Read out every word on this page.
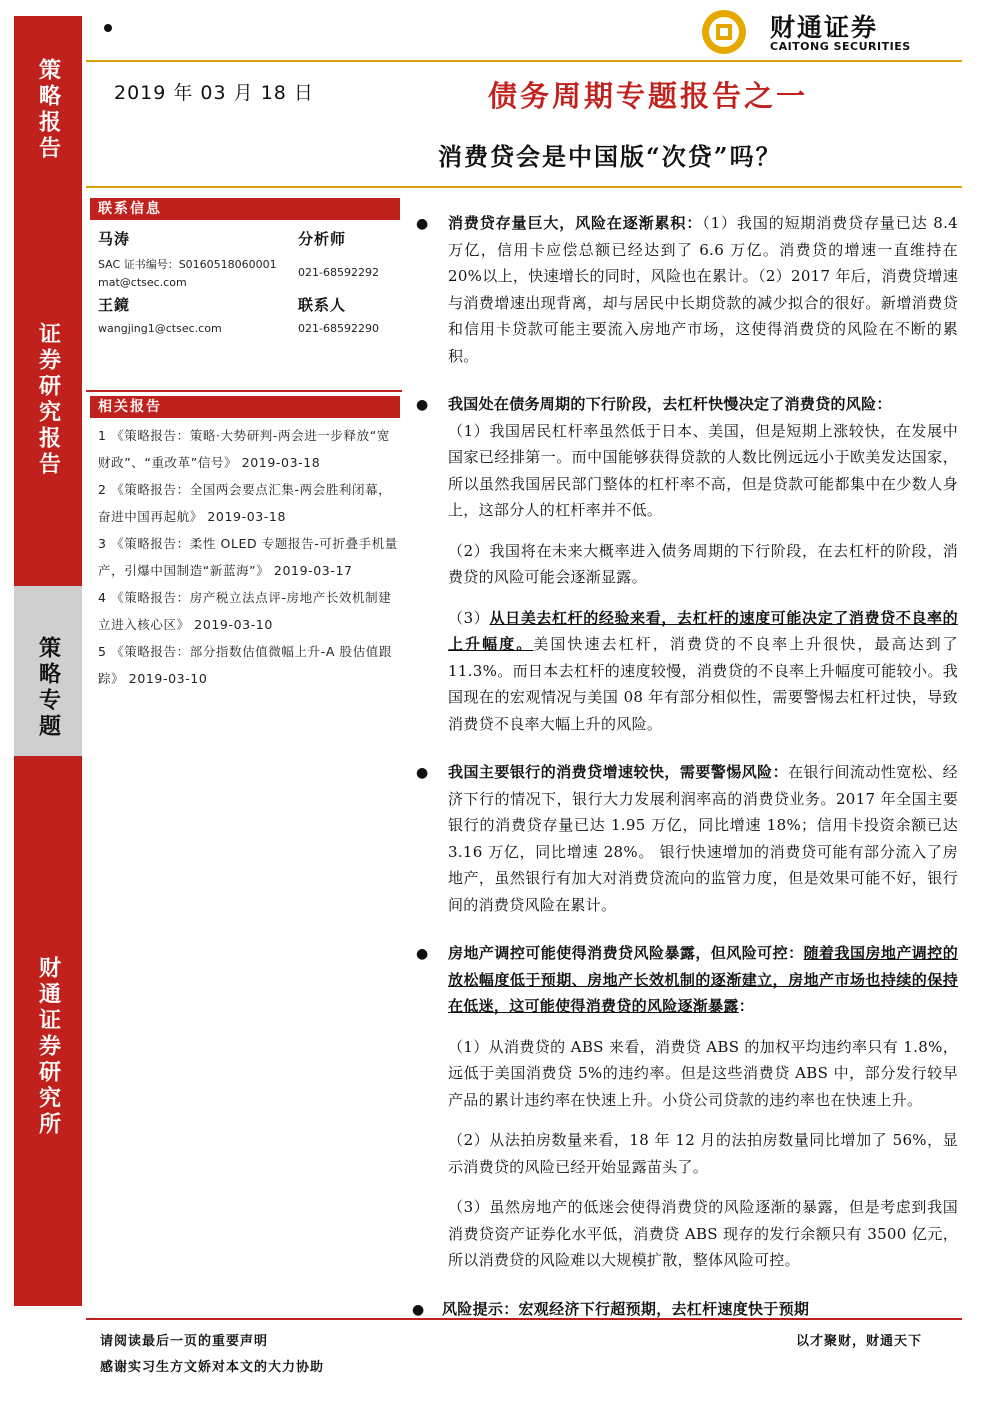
策略报告
证券研究报告
策略专题
财通证券研究所
财通证券
CAITONG SECURITIES
2019 年 03 月 18 日	债务周期专题报告之一
消费贷会是中国版“次贷”吗？
联系信息
马涛	分析师
SAC 证书编号：S0160518060001
021-68592292
mat@ctsec.com
王鏡	联系人
wangjing1@ctsec.com	021-68592290
相关报告
1 《策略报告：策略·大势研判-两会进一步释放“宽财政”、“重改革”信号》 2019-03-18
2 《策略报告：全国两会要点汇集-两会胜利闭幕，奋进中国再起航》 2019-03-18
3 《策略报告：柔性 OLED 专题报告-可折叠手机量产，引爆中国制造“新蓝海”》 2019-03-17
4 《策略报告：房产税立法点评-房地产长效机制建立进入核心区》 2019-03-10
5 《策略报告：部分指数估值微幅上升-A 股估值跟踪》 2019-03-10
● 消费贷存量巨大，风险在逐渐累积：（1）我国的短期消费贷存量已达 8.4 万亿，信用卡应偿总额已经达到了 6.6 万亿。消费贷的增速一直维持在 20%以上，快速增长的同时，风险也在累计。（2）2017 年后，消费贷增速与消费增速出现背离，却与居民中长期贷款的减少拟合的很好。新增消费贷和信用卡贷款可能主要流入房地产市场，这使得消费贷的风险在不断的累积。

● 我国处在债务周期的下行阶段，去杠杆快慢决定了消费贷的风险：

（1）我国居民杠杆率虽然低于日本、美国，但是短期上涨较快，在发展中国家已经排第一。而中国能够获得贷款的人数比例远远小于欧美发达国家，所以虽然我国居民部门整体的杠杆率不高，但是贷款可能都集中在少数人身上，这部分人的杠杆率并不低。

（2）我国将在未来大概率进入债务周期的下行阶段，在去杠杆的阶段，消费贷的风险可能会逐渐显露。

（3）从日美去杠杆的经验来看，去杠杆的速度可能决定了消费贷不良率的上升幅度。美国快速去杠杆，消费贷的不良率上升很快，最高达到了 11.3%。而日本去杠杆的速度较慢，消费贷的不良率上升幅度可能较小。我国现在的宏观情况与美国 08 年有部分相似性，需要警惕去杠杆过快，导致消费贷不良率大幅上升的风险。

● 我国主要银行的消费贷增速较快，需要警惕风险：在银行间流动性宽松、经济下行的情况下，银行大力发展利润率高的消费贷业务。2017 年全国主要银行的消费贷存量已达 1.95 万亿，同比增速 18%；信用卡投资余额已达 3.16 万亿，同比增速 28%。 银行快速增加的消费贷可能有部分流入了房地产，虽然银行有加大对消费贷流向的监管力度，但是效果可能不好，银行间的消费贷风险在累计。

● 房地产调控可能使得消费贷风险暴露，但风险可控：随着我国房地产调控的放松幅度低于预期、房地产长效机制的逐渐建立，房地产市场也持续的保持在低迷，这可能使得消费贷的风险逐渐暴露：

（1）从消费贷的 ABS 来看，消费贷 ABS 的加权平均违约率只有 1.8%，远低于美国消费贷 5%的违约率。但是这些消费贷 ABS 中，部分发行较早产品的累计违约率在快速上升。小贷公司贷款的违约率也在快速上升。

（2）从法拍房数量来看，18 年 12 月的法拍房数量同比增加了 56%，显示消费贷的风险已经开始显露苗头了。

（3）虽然房地产的低迷会使得消费贷的风险逐渐的暴露，但是考虑到我国消费贷资产证券化水平低，消费贷 ABS 现存的发行余额只有 3500 亿元，所以消费贷的风险难以大规模扩散，整体风险可控。

● 风险提示：宏观经济下行超预期，去杠杆速度快于预期

请阅读最后一页的重要声明
感谢实习生方文娇对本文的大力协助
以才聚财，财通天下
